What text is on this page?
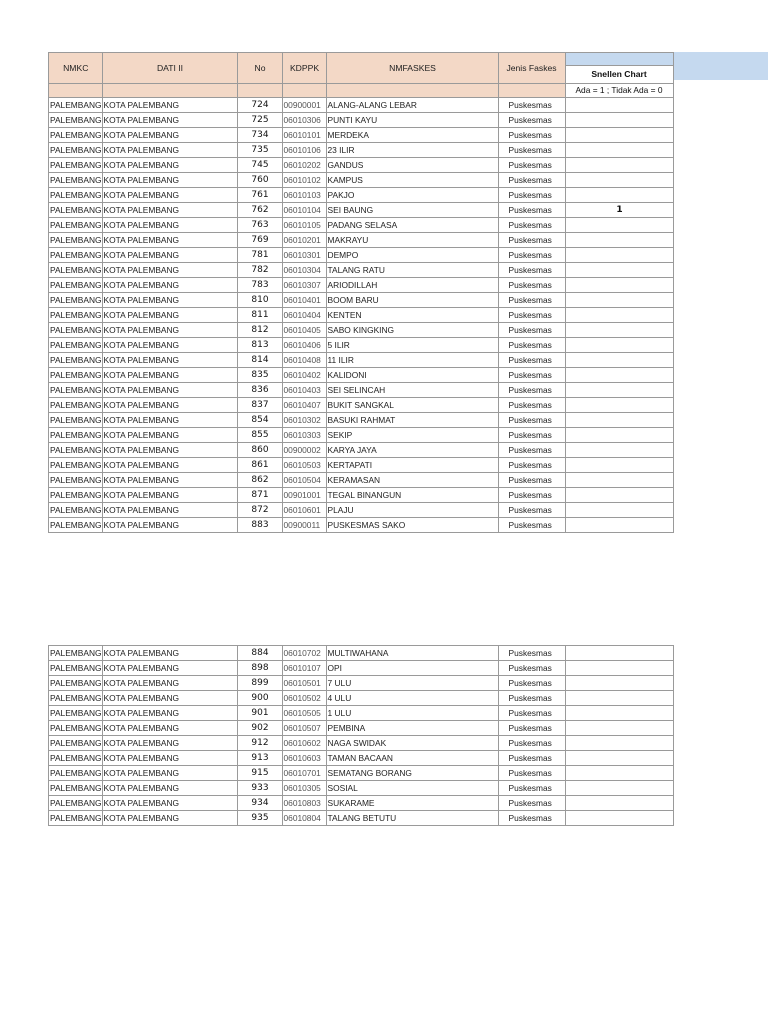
NMKC	DATI II	No	KDPPK	NMFASKES	Jenis Faskes	Snellen Chart

						Ada = 1 ; Tidak Ada = 0
PALEMBANG	KOTA PALEMBANG	724	00900001	ALANG-ALANG LEBAR	Puskesmas	
PALEMBANG	KOTA PALEMBANG	725	06010306	PUNTI KAYU	Puskesmas	
PALEMBANG	KOTA PALEMBANG	734	06010101	MERDEKA	Puskesmas	
PALEMBANG	KOTA PALEMBANG	735	06010106	23 ILIR	Puskesmas	
PALEMBANG	KOTA PALEMBANG	745	06010202	GANDUS	Puskesmas	
PALEMBANG	KOTA PALEMBANG	760	06010102	KAMPUS	Puskesmas	
PALEMBANG	KOTA PALEMBANG	761	06010103	PAKJO	Puskesmas	
PALEMBANG	KOTA PALEMBANG	762	06010104	SEI BAUNG	Puskesmas	1
PALEMBANG	KOTA PALEMBANG	763	06010105	PADANG SELASA	Puskesmas	
PALEMBANG	KOTA PALEMBANG	769	06010201	MAKRAYU	Puskesmas	
PALEMBANG	KOTA PALEMBANG	781	06010301	DEMPO	Puskesmas	
PALEMBANG	KOTA PALEMBANG	782	06010304	TALANG RATU	Puskesmas	
PALEMBANG	KOTA PALEMBANG	783	06010307	ARIODILLAH	Puskesmas	
PALEMBANG	KOTA PALEMBANG	810	06010401	BOOM BARU	Puskesmas	
PALEMBANG	KOTA PALEMBANG	811	06010404	KENTEN	Puskesmas	
PALEMBANG	KOTA PALEMBANG	812	06010405	SABO KINGKING	Puskesmas	
PALEMBANG	KOTA PALEMBANG	813	06010406	5 ILIR	Puskesmas	
PALEMBANG	KOTA PALEMBANG	814	06010408	11 ILIR	Puskesmas	
PALEMBANG	KOTA PALEMBANG	835	06010402	KALIDONI	Puskesmas	
PALEMBANG	KOTA PALEMBANG	836	06010403	SEI SELINCAH	Puskesmas	
PALEMBANG	KOTA PALEMBANG	837	06010407	BUKIT SANGKAL	Puskesmas	
PALEMBANG	KOTA PALEMBANG	854	06010302	BASUKI RAHMAT	Puskesmas	
PALEMBANG	KOTA PALEMBANG	855	06010303	SEKIP	Puskesmas	
PALEMBANG	KOTA PALEMBANG	860	00900002	KARYA JAYA	Puskesmas	
PALEMBANG	KOTA PALEMBANG	861	06010503	KERTAPATI	Puskesmas	
PALEMBANG	KOTA PALEMBANG	862	06010504	KERAMASAN	Puskesmas	
PALEMBANG	KOTA PALEMBANG	871	00901001	TEGAL BINANGUN	Puskesmas	
PALEMBANG	KOTA PALEMBANG	872	06010601	PLAJU	Puskesmas	
PALEMBANG	KOTA PALEMBANG	883	00900011	PUSKESMAS SAKO	Puskesmas	
PALEMBANG	KOTA PALEMBANG	884	06010702	MULTIWAHANA	Puskesmas	
PALEMBANG	KOTA PALEMBANG	898	06010107	OPI	Puskesmas	
PALEMBANG	KOTA PALEMBANG	899	06010501	7 ULU	Puskesmas	
PALEMBANG	KOTA PALEMBANG	900	06010502	4 ULU	Puskesmas	
PALEMBANG	KOTA PALEMBANG	901	06010505	1 ULU	Puskesmas	
PALEMBANG	KOTA PALEMBANG	902	06010507	PEMBINA	Puskesmas	
PALEMBANG	KOTA PALEMBANG	912	06010602	NAGA SWIDAK	Puskesmas	
PALEMBANG	KOTA PALEMBANG	913	06010603	TAMAN BACAAN	Puskesmas	
PALEMBANG	KOTA PALEMBANG	915	06010701	SEMATANG BORANG	Puskesmas	
PALEMBANG	KOTA PALEMBANG	933	06010305	SOSIAL	Puskesmas	
PALEMBANG	KOTA PALEMBANG	934	06010803	SUKARAME	Puskesmas	
PALEMBANG	KOTA PALEMBANG	935	06010804	TALANG BETUTU	Puskesmas	
